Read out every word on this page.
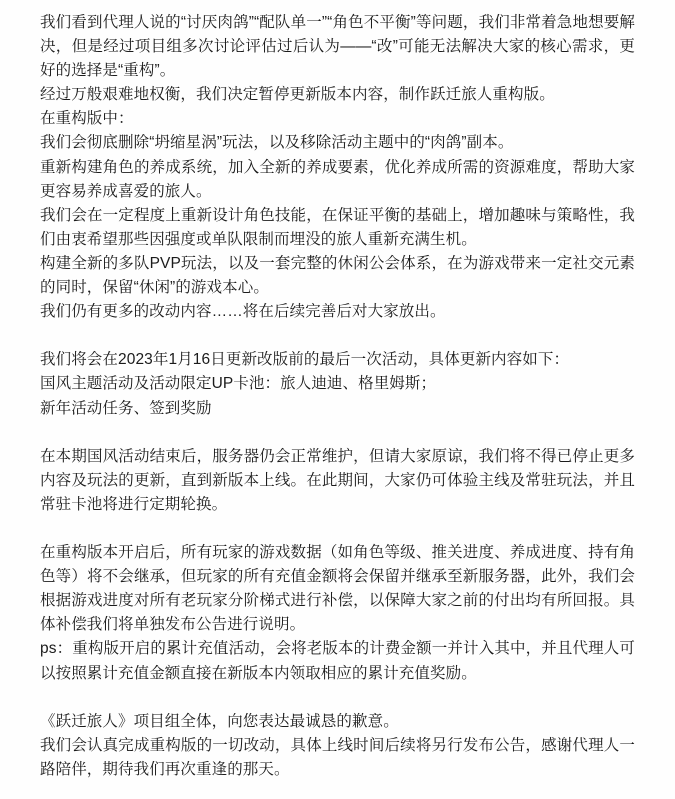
我们看到代理人说的“讨厌肉鸽”“配队单一”“角色不平衡”等问题，我们非常着急地想要解决，但是经过项目组多次讨论评估过后认为——“改”可能无法解决大家的核心需求，更好的选择是“重构”。

经过万般艰难地权衡，我们决定暂停更新版本内容，制作跃迁旅人重构版。

在重构版中：

我们会彻底删除“坍缩星涡”玩法，以及移除活动主题中的“肉鸽”副本。

重新构建角色的养成系统，加入全新的养成要素，优化养成所需的资源难度，帮助大家更容易养成喜爱的旅人。

我们会在一定程度上重新设计角色技能，在保证平衡的基础上，增加趣味与策略性，我们由衷希望那些因强度或单队限制而埋没的旅人重新充满生机。

构建全新的多队PVP玩法，以及一套完整的休闲公会体系，在为游戏带来一定社交元素的同时，保留“休闲”的游戏本心。

我们仍有更多的改动内容……将在后续完善后对大家放出。

我们将会在2023年1月16日更新改版前的最后一次活动，具体更新内容如下：

国风主题活动及活动限定UP卡池：旅人迪迪、格里姆斯；

新年活动任务、签到奖励

在本期国风活动结束后，服务器仍会正常维护，但请大家原谅，我们将不得已停止更多内容及玩法的更新，直到新版本上线。在此期间，大家仍可体验主线及常驻玩法，并且常驻卡池将进行定期轮换。

在重构版本开启后，所有玩家的游戏数据（如角色等级、推关进度、养成进度、持有角色等）将不会继承，但玩家的所有充值金额将会保留并继承至新服务器，此外，我们会根据游戏进度对所有老玩家分阶梯式进行补偿，以保障大家之前的付出均有所回报。具体补偿我们将单独发布公告进行说明。

ps：重构版开启的累计充值活动，会将老版本的计费金额一并计入其中，并且代理人可以按照累计充值金额直接在新版本内领取相应的累计充值奖励。

《跃迁旅人》项目组全体，向您表达最诚恳的歉意。

我们会认真完成重构版的一切改动，具体上线时间后续将另行发布公告，感谢代理人一路陪伴，期待我们再次重逢的那天。
